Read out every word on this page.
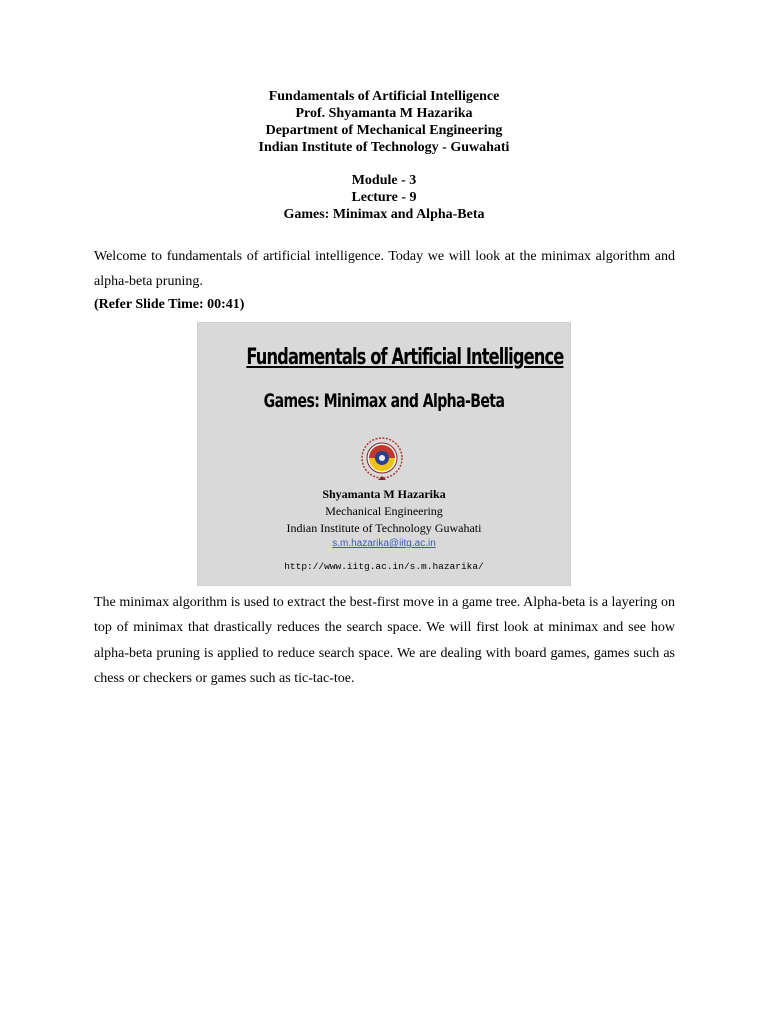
Fundamentals of Artificial Intelligence
Prof. Shyamanta M Hazarika
Department of Mechanical Engineering
Indian Institute of Technology - Guwahati
Module - 3
Lecture - 9
Games: Minimax and Alpha-Beta
Welcome to fundamentals of artificial intelligence. Today we will look at the minimax algorithm and alpha-beta pruning.
(Refer Slide Time: 00:41)
Fundamentals of Artificial Intelligence
Games: Minimax and Alpha-Beta
Shyamanta M Hazarika
Mechanical Engineering
Indian Institute of Technology Guwahati
s.m.hazarika@iitg.ac.in
http://www.iitg.ac.in/s.m.hazarika/
The minimax algorithm is used to extract the best-first move in a game tree. Alpha-beta is a layering on top of minimax that drastically reduces the search space. We will first look at minimax and see how alpha-beta pruning is applied to reduce search space. We are dealing with board games, games such as chess or checkers or games such as tic-tac-toe.
